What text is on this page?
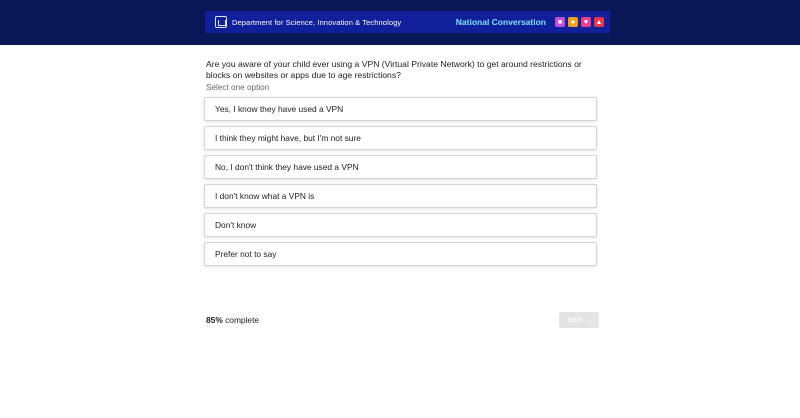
Department for Science, Innovation & Technology	National Conversation	■	●	♥	▲

Are you aware of your child ever using a VPN (Virtual Private Network) to get around restrictions or blocks on websites or apps due to age restrictions?

Select one option

Yes, I know they have used a VPN
I think they might have, but I'm not sure
No, I don't think they have used a VPN
I don't know what a VPN is
Don't know
Prefer not to say
85% complete	Next ›
